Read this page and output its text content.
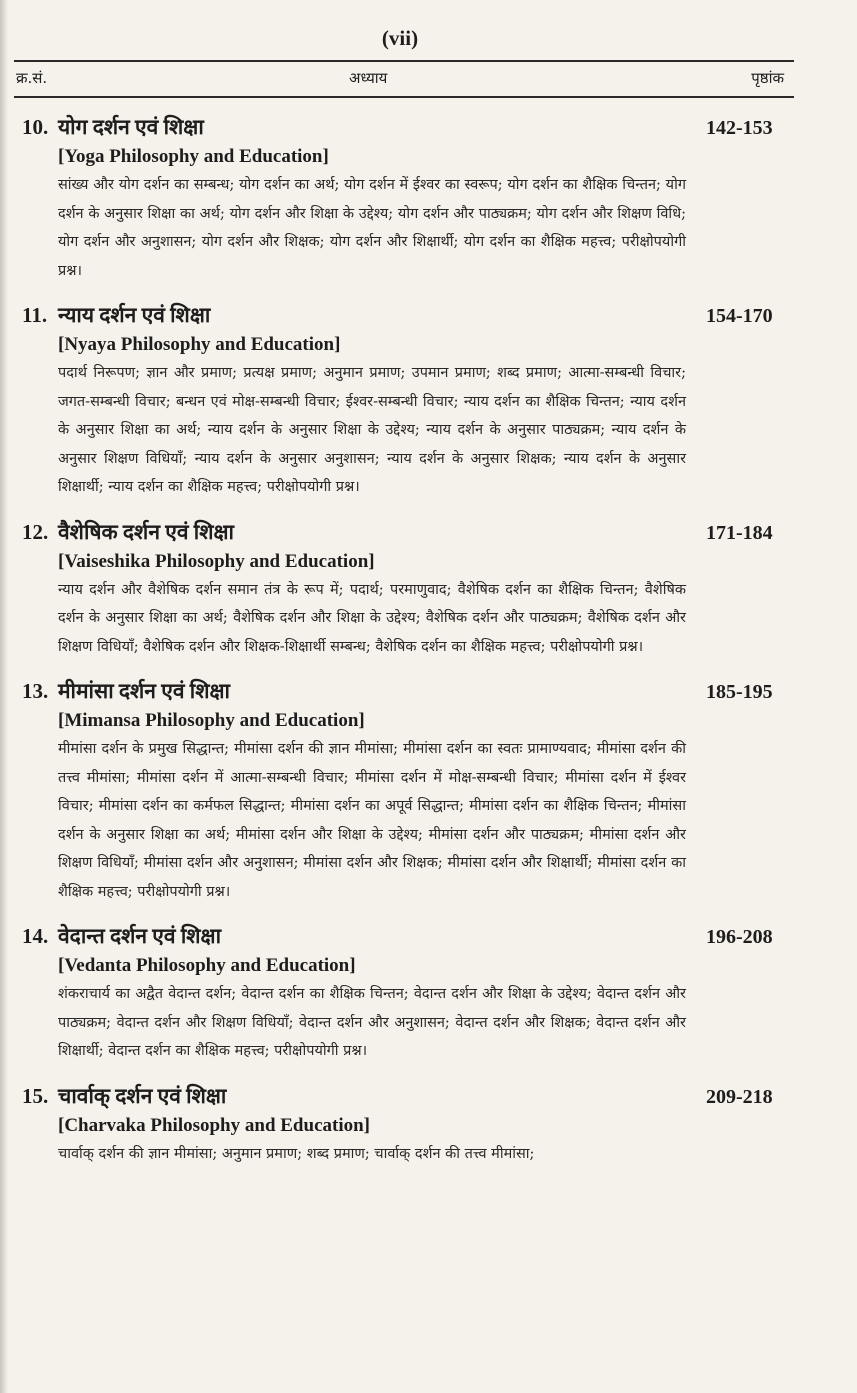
(vii)
क्र.सं.	अध्याय	पृष्ठांक
10. योग दर्शन एवं शिक्षा	142-153
[Yoga Philosophy and Education]
सांख्य और योग दर्शन का सम्बन्ध; योग दर्शन का अर्थ; योग दर्शन में ईश्वर का स्वरूप; योग दर्शन का शैक्षिक चिन्तन; योग दर्शन के अनुसार शिक्षा का अर्थ; योग दर्शन और शिक्षा के उद्देश्य; योग दर्शन और पाठ्यक्रम; योग दर्शन और शिक्षण विधि; योग दर्शन और अनुशासन; योग दर्शन और शिक्षक; योग दर्शन और शिक्षार्थी; योग दर्शन का शैक्षिक महत्त्व; परीक्षोपयोगी प्रश्न।
11. न्याय दर्शन एवं शिक्षा	154-170
[Nyaya Philosophy and Education]
पदार्थ निरूपण; ज्ञान और प्रमाण; प्रत्यक्ष प्रमाण; अनुमान प्रमाण; उपमान प्रमाण; शब्द प्रमाण; आत्मा-सम्बन्धी विचार; जगत-सम्बन्धी विचार; बन्धन एवं मोक्ष-सम्बन्धी विचार; ईश्वर-सम्बन्धी विचार; न्याय दर्शन का शैक्षिक चिन्तन; न्याय दर्शन के अनुसार शिक्षा का अर्थ; न्याय दर्शन के अनुसार शिक्षा के उद्देश्य; न्याय दर्शन के अनुसार पाठ्यक्रम; न्याय दर्शन के अनुसार शिक्षण विधियाँ; न्याय दर्शन के अनुसार अनुशासन; न्याय दर्शन के अनुसार शिक्षक; न्याय दर्शन के अनुसार शिक्षार्थी; न्याय दर्शन का शैक्षिक महत्त्व; परीक्षोपयोगी प्रश्न।
12. वैशेषिक दर्शन एवं शिक्षा	171-184
[Vaiseshika Philosophy and Education]
न्याय दर्शन और वैशेषिक दर्शन समान तंत्र के रूप में; पदार्थ; परमाणुवाद; वैशेषिक दर्शन का शैक्षिक चिन्तन; वैशेषिक दर्शन के अनुसार शिक्षा का अर्थ; वैशेषिक दर्शन और शिक्षा के उद्देश्य; वैशेषिक दर्शन और पाठ्यक्रम; वैशेषिक दर्शन और शिक्षण विधियाँ; वैशेषिक दर्शन और शिक्षक-शिक्षार्थी सम्बन्ध; वैशेषिक दर्शन का शैक्षिक महत्त्व; परीक्षोपयोगी प्रश्न।
13. मीमांसा दर्शन एवं शिक्षा	185-195
[Mimansa Philosophy and Education]
मीमांसा दर्शन के प्रमुख सिद्धान्त; मीमांसा दर्शन की ज्ञान मीमांसा; मीमांसा दर्शन का स्वतः प्रामाण्यवाद; मीमांसा दर्शन की तत्त्व मीमांसा; मीमांसा दर्शन में आत्मा-सम्बन्धी विचार; मीमांसा दर्शन में मोक्ष-सम्बन्धी विचार; मीमांसा दर्शन में ईश्वर विचार; मीमांसा दर्शन का कर्मफल सिद्धान्त; मीमांसा दर्शन का अपूर्व सिद्धान्त; मीमांसा दर्शन का शैक्षिक चिन्तन; मीमांसा दर्शन के अनुसार शिक्षा का अर्थ; मीमांसा दर्शन और शिक्षा के उद्देश्य; मीमांसा दर्शन और पाठ्यक्रम; मीमांसा दर्शन और शिक्षण विधियाँ; मीमांसा दर्शन और अनुशासन; मीमांसा दर्शन और शिक्षक; मीमांसा दर्शन और शिक्षार्थी; मीमांसा दर्शन का शैक्षिक महत्त्व; परीक्षोपयोगी प्रश्न।
14. वेदान्त दर्शन एवं शिक्षा	196-208
[Vedanta Philosophy and Education]
शंकराचार्य का अद्वैत वेदान्त दर्शन; वेदान्त दर्शन का शैक्षिक चिन्तन; वेदान्त दर्शन और शिक्षा के उद्देश्य; वेदान्त दर्शन और पाठ्यक्रम; वेदान्त दर्शन और शिक्षण विधियाँ; वेदान्त दर्शन और अनुशासन; वेदान्त दर्शन और शिक्षक; वेदान्त दर्शन और शिक्षार्थी; वेदान्त दर्शन का शैक्षिक महत्त्व; परीक्षोपयोगी प्रश्न।
15. चार्वाक् दर्शन एवं शिक्षा	209-218
[Charvaka Philosophy and Education]
चार्वाक् दर्शन की ज्ञान मीमांसा; अनुमान प्रमाण; शब्द प्रमाण; चार्वाक् दर्शन की तत्त्व मीमांसा;
